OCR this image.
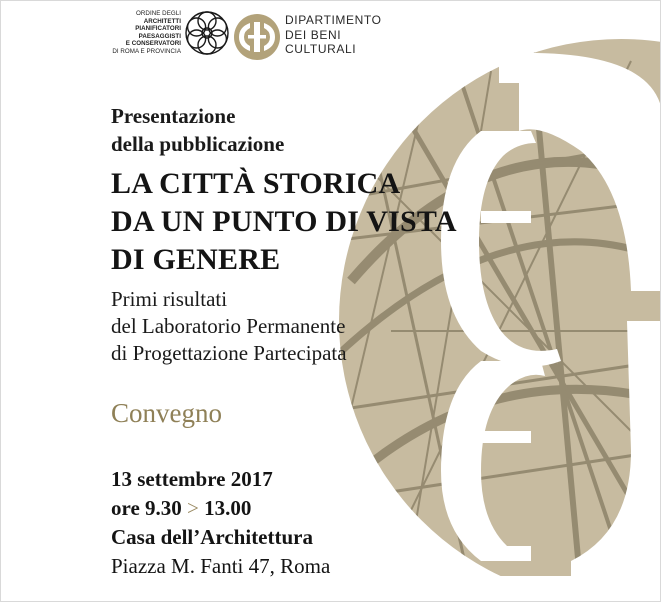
ORDINE DEGLI
ARCHITETTI
PIANIFICATORI
PAESAGGISTI
E CONSERVATORI
DI ROMA E PROVINCIA
DIPARTIMENTO
DEI BENI
CULTURALI
Presentazione
della pubblicazione
LA CITTÀ STORICA
DA UN PUNTO DI VISTA
DI GENERE
Primi risultati
del Laboratorio Permanente
di Progettazione Partecipata
Convegno
13 settembre 2017
ore 9.30 > 13.00
Casa dell’Architettura
Piazza M. Fanti 47, Roma
